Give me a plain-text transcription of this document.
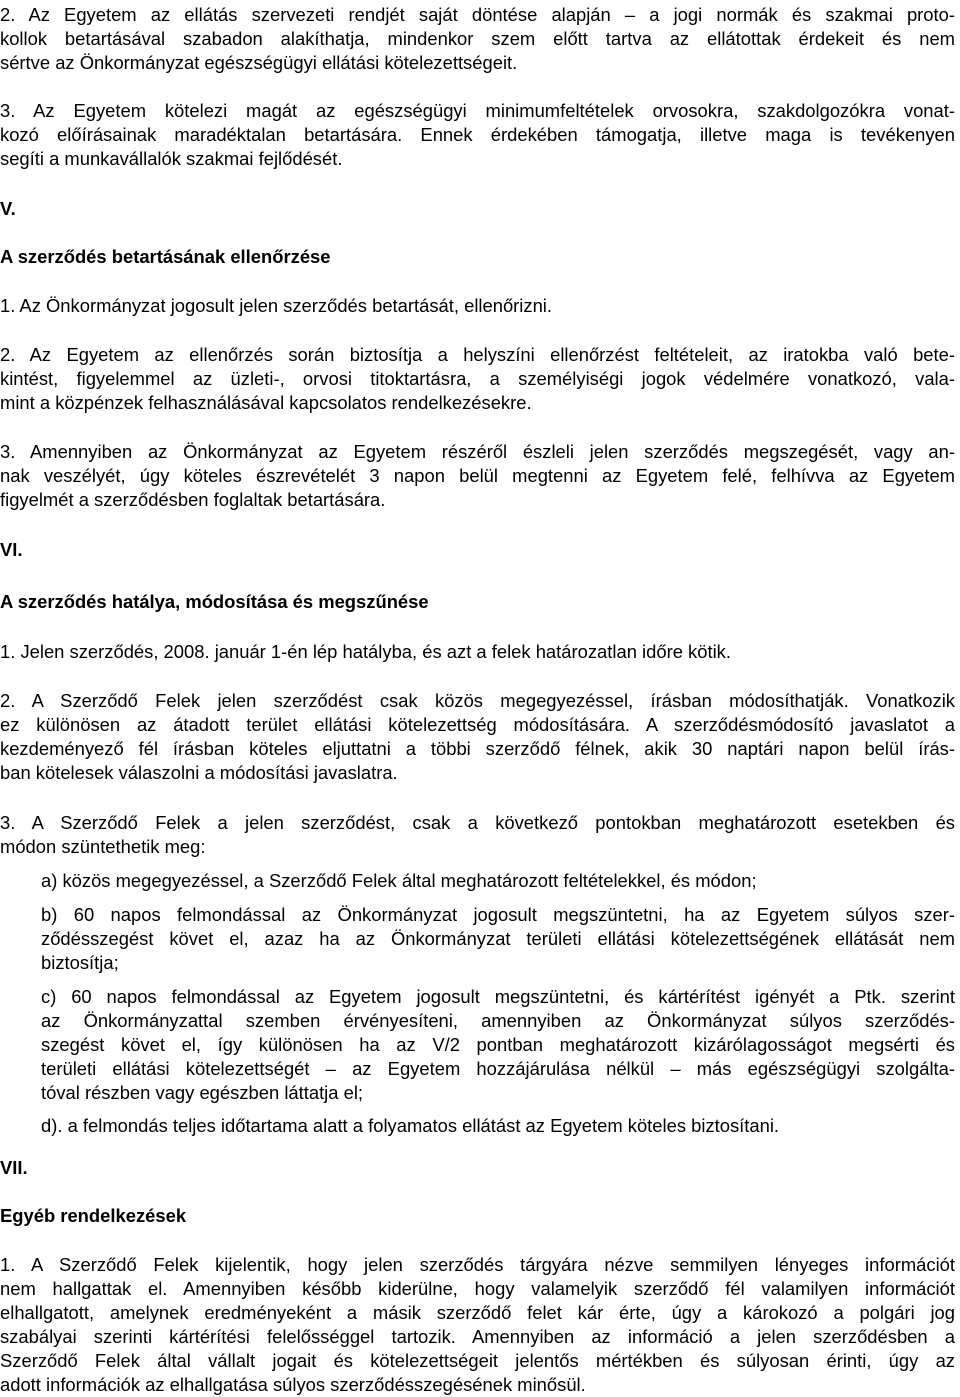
2. Az Egyetem az ellátás szervezeti rendjét saját döntése alapján – a jogi normák és szakmai proto-
kollok betartásával szabadon alakíthatja, mindenkor szem előtt tartva az ellátottak érdekeit és nem
sértve az Önkormányzat egészségügyi ellátási kötelezettségeit.
3. Az Egyetem kötelezi magát az egészségügyi minimumfeltételek orvosokra, szakdolgozókra vonat-
kozó előírásainak maradéktalan betartására. Ennek érdekében támogatja, illetve maga is tevékenyen
segíti a munkavállalók szakmai fejlődését.
V.
A szerződés betartásának ellenőrzése
1. Az Önkormányzat jogosult jelen szerződés betartását, ellenőrizni.
2. Az Egyetem az ellenőrzés során biztosítja a helyszíni ellenőrzést feltételeit, az iratokba való bete-
kintést, figyelemmel az üzleti-, orvosi titoktartásra, a személyiségi jogok védelmére vonatkozó, vala-
mint a közpénzek felhasználásával kapcsolatos rendelkezésekre.
3. Amennyiben az Önkormányzat az Egyetem részéről észleli jelen szerződés megszegését, vagy an-
nak veszélyét, úgy köteles észrevételét 3 napon belül megtenni az Egyetem felé, felhívva az Egyetem
figyelmét a szerződésben foglaltak betartására.
VI.
A szerződés hatálya, módosítása és megszűnése
1. Jelen szerződés, 2008. január 1-én lép hatályba, és azt a felek határozatlan időre kötik.
2. A Szerződő Felek jelen szerződést csak közös megegyezéssel, írásban módosíthatják. Vonatkozik
ez különösen az átadott terület ellátási kötelezettség módosítására. A szerződésmódosító javaslatot a
kezdeményező fél írásban köteles eljuttatni a többi szerződő félnek, akik 30 naptári napon belül írás-
ban kötelesek válaszolni a módosítási javaslatra.
3. A Szerződő Felek a jelen szerződést, csak a következő pontokban meghatározott esetekben és
módon szüntethetik meg:
a) közös megegyezéssel, a Szerződő Felek által meghatározott feltételekkel, és módon;
b) 60 napos felmondással az Önkormányzat jogosult megszüntetni, ha az Egyetem súlyos szer-
ződésszegést követ el, azaz ha az Önkormányzat területi ellátási kötelezettségének ellátását nem
biztosítja;
c) 60 napos felmondással az Egyetem jogosult megszüntetni, és kártérítést igényét a Ptk. szerint
az Önkormányzattal szemben érvényesíteni, amennyiben az Önkormányzat súlyos szerződés-
szegést követ el, így különösen ha az V/2 pontban meghatározott kizárólagosságot megsérti és
területi ellátási kötelezettségét – az Egyetem hozzájárulása nélkül – más egészségügyi szolgálta-
tóval részben vagy egészben láttatja el;
d). a felmondás teljes időtartama alatt a folyamatos ellátást az Egyetem köteles biztosítani.
VII.
Egyéb rendelkezések
1. A Szerződő Felek kijelentik, hogy jelen szerződés tárgyára nézve semmilyen lényeges információt
nem hallgattak el. Amennyiben később kiderülne, hogy valamelyik szerződő fél valamilyen információt
elhallgatott, amelynek eredményeként a másik szerződő felet kár érte, úgy a károkozó a polgári jog
szabályai szerinti kártérítési felelősséggel tartozik. Amennyiben az információ a jelen szerződésben a
Szerződő Felek által vállalt jogait és kötelezettségeit jelentős mértékben és súlyosan érinti, úgy az
adott információk az elhallgatása súlyos szerződésszegésének minősül.
